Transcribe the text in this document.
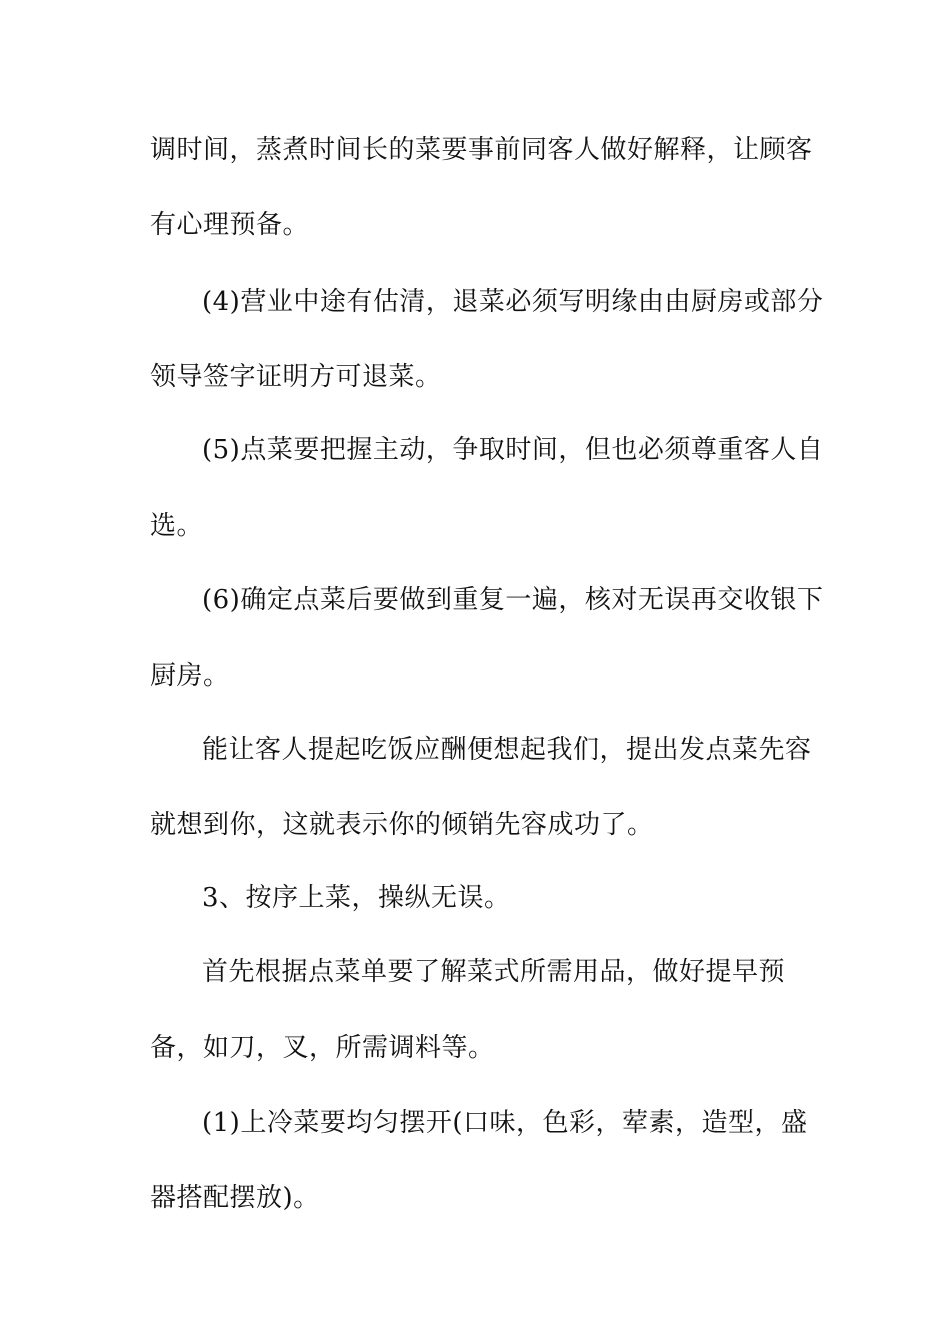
调时间，蒸煮时间长的菜要事前同客人做好解释，让顾客
有心理预备。
(4)营业中途有估清，退菜必须写明缘由由厨房或部分
领导签字证明方可退菜。
(5)点菜要把握主动，争取时间，但也必须尊重客人自
选。
(6)确定点菜后要做到重复一遍，核对无误再交收银下
厨房。
能让客人提起吃饭应酬便想起我们，提出发点菜先容
就想到你，这就表示你的倾销先容成功了。
3、按序上菜，操纵无误。
首先根据点菜单要了解菜式所需用品，做好提早预
备，如刀，叉，所需调料等。
(1)上冷菜要均匀摆开(口味，色彩，荤素，造型，盛
器搭配摆放)。
